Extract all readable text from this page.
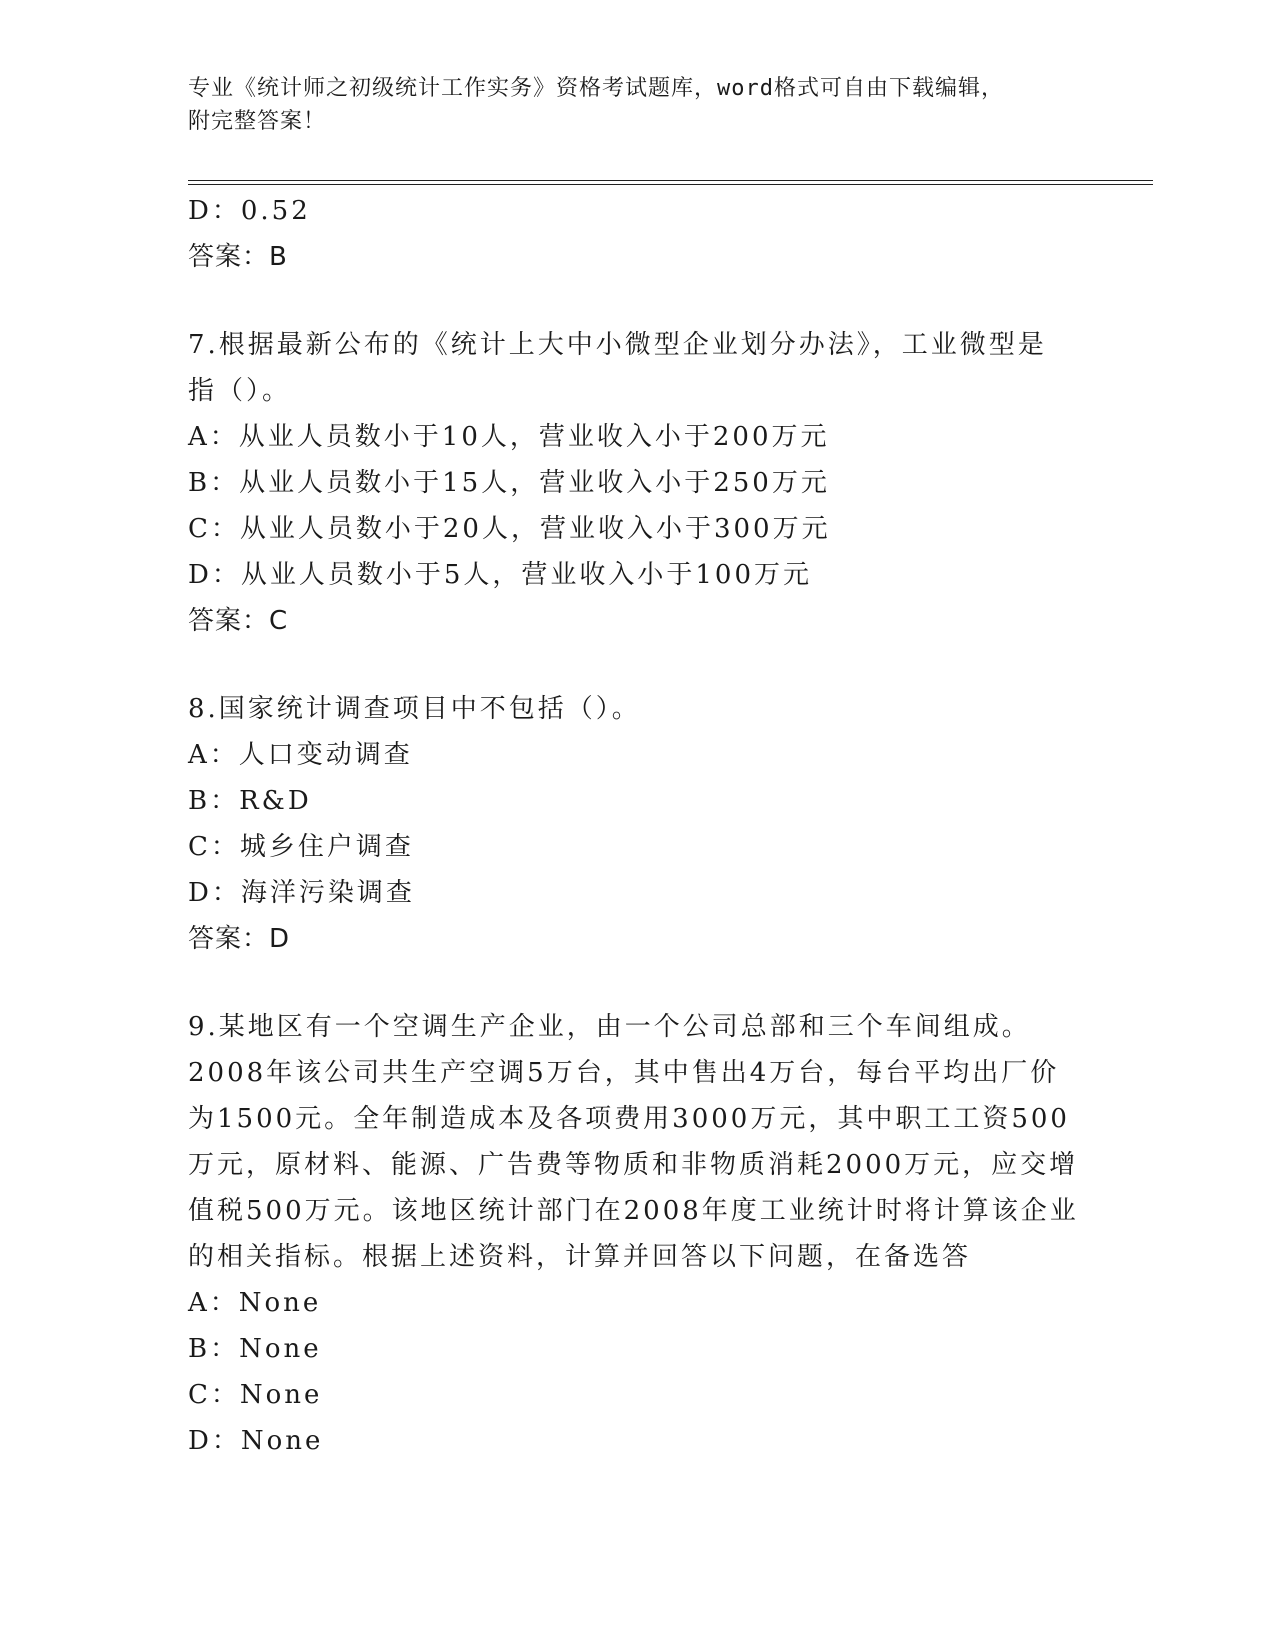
专业《统计师之初级统计工作实务》资格考试题库，word格式可自由下载编辑，
附完整答案！
D：0.52
答案：B
7.根据最新公布的《统计上大中小微型企业划分办法》，工业微型是
指（）。
A：从业人员数小于10人，营业收入小于200万元
B：从业人员数小于15人，营业收入小于250万元
C：从业人员数小于20人，营业收入小于300万元
D：从业人员数小于5人，营业收入小于100万元
答案：C
8.国家统计调查项目中不包括（）。
A：人口变动调查
B：R&D
C：城乡住户调查
D：海洋污染调查
答案：D
9.某地区有一个空调生产企业，由一个公司总部和三个车间组成。
2008年该公司共生产空调5万台，其中售出4万台，每台平均出厂价
为1500元。全年制造成本及各项费用3000万元，其中职工工资500
万元，原材料、能源、广告费等物质和非物质消耗2000万元，应交增
值税500万元。该地区统计部门在2008年度工业统计时将计算该企业
的相关指标。根据上述资料，计算并回答以下问题，在备选答
A：None
B：None
C：None
D：None
